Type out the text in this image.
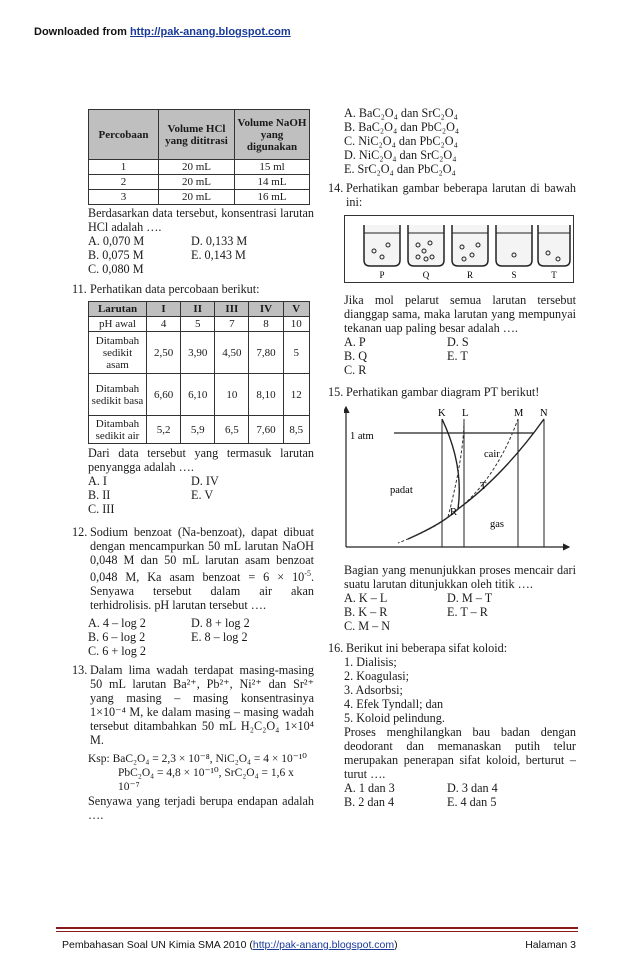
Downloaded from http://pak-anang.blogspot.com
Percobaan	Volume HCl yang dititrasi	Volume NaOH yang digunakan
1	20 mL	15 ml
2	20 mL	14 mL
3	20 mL	16 mL
Berdasarkan data tersebut, konsentrasi larutan HCl adalah ….
A. 0,070 M	D. 0,133 M
B. 0,075 M	E. 0,143 M
C. 0,080 M
11. Perhatikan data percobaan berikut:
Larutan	I	II	III	IV	V
pH awal	4	5	7	8	10
Ditambah sedikit asam	2,50	3,90	4,50	7,80	5
Ditambah sedikit basa	6,60	6,10	10	8,10	12
Ditambah sedikit air	5,2	5,9	6,5	7,60	8,5
Dari data tersebut yang termasuk larutan penyangga adalah ….
A. I	D. IV
B. II	E. V
C. III
12. Sodium benzoat (Na-benzoat), dapat dibuat dengan mencampurkan 50 mL larutan NaOH 0,048 M dan 50 mL larutan asam benzoat 0,048 M, Ka asam benzoat = $6 \times 10^{-5}$. Senyawa tersebut dalam air akan terhidrolisis. pH larutan tersebut ….
A. 4 – log 2	D. 8 + log 2
B. 6 – log 2	E. 8 – log 2
C. 6 + log 2
13. Dalam lima wadah terdapat masing-masing 50 mL larutan Ba²⁺, Pb²⁺, Ni²⁺ dan Sr²⁺ yang masing – masing konsentrasinya 1×10⁻⁴ M, ke dalam masing – masing wadah tersebut ditambahkan 50 mL H₂C₂O₄ 1×10⁴ M.
Ksp: BaC₂O₄ = 2,3 × 10⁻⁸, NiC₂O₄ = 4 × 10⁻¹⁰
PbC₂O₄ = 4,8 × 10⁻¹⁰, SrC₂O₄ = 1,6 x 10⁻⁷
Senyawa yang terjadi berupa endapan adalah ….
A. BaC₂O₄ dan SrC₂O₄
B. BaC₂O₄ dan PbC₂O₄
C. NiC₂O₄ dan PbC₂O₄
D. NiC₂O₄ dan SrC₂O₄
E. SrC₂O₄ dan PbC₂O₄
14. Perhatikan gambar beberapa larutan di bawah ini:
P	Q	R	S	T
Jika mol pelarut semua larutan tersebut dianggap sama, maka larutan yang mempunyai tekanan uap paling besar adalah ….
A. P	D. S
B. Q	E. T
C. R
15. Perhatikan gambar diagram PT berikut!
1 atm
K L	M N
cair
padat	T
R
gas
Bagian yang menunjukkan proses mencair dari suatu larutan ditunjukkan oleh titik ….
A. K – L	D. M – T
B. K – R	E. T – R
C. M – N
16. Berikut ini beberapa sifat koloid:
1. Dialisis;
2. Koagulasi;
3. Adsorbsi;
4. Efek Tyndall; dan
5. Koloid pelindung.
Proses menghilangkan bau badan dengan deodorant dan memanaskan putih telur merupakan penerapan sifat koloid, berturut – turut ….
A. 1 dan 3	D. 3 dan 4
B. 2 dan 4	E. 4 dan 5
Pembahasan Soal UN Kimia SMA 2010 (http://pak-anang.blogspot.com)	Halaman 3
